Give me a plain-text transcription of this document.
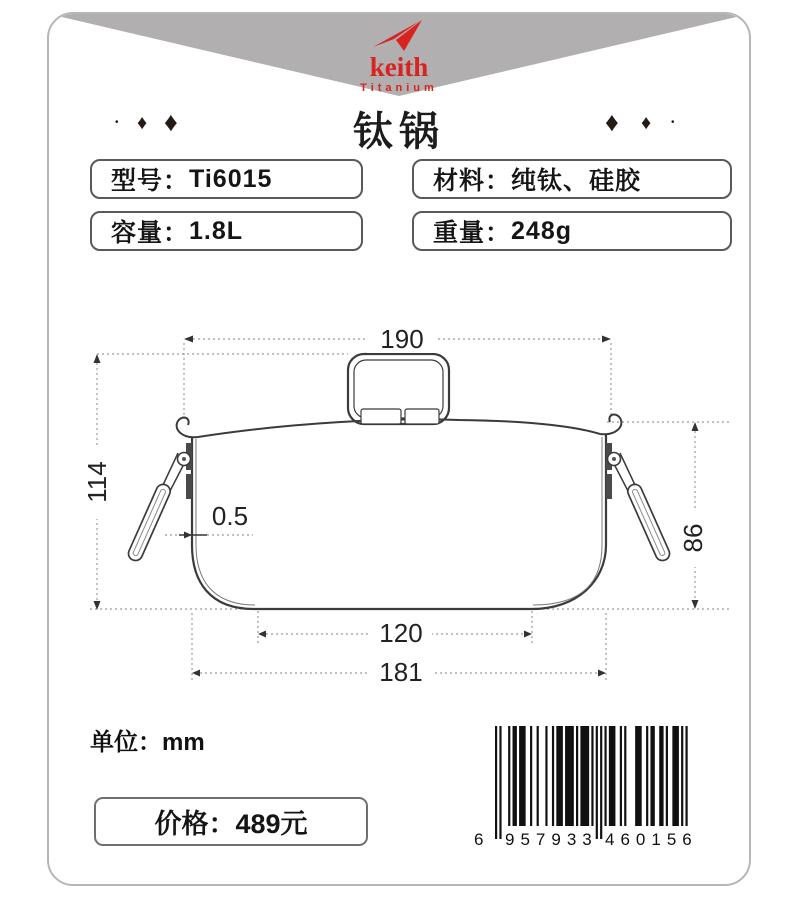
keith
Titanium
钛锅
• ♦ ♦	♦ ♦ •
型号 ： Ti6015	材料 ： 纯钛、硅胶
容量 ： 1.8L	重量 ： 248g
190
114
0.5
86
120
181
单位：mm
价格 ： 489元
6 957933 460156
